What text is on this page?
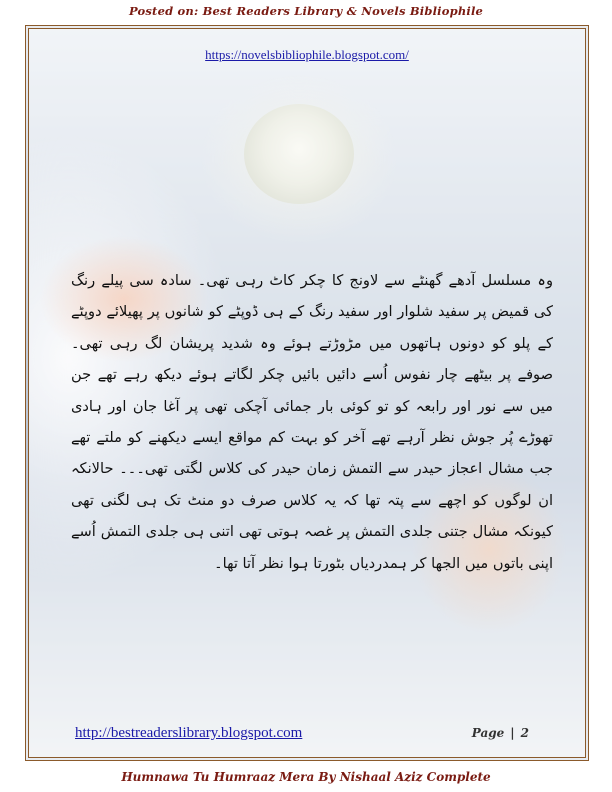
Posted on: Best Readers Library & Novels Bibliophile
https://novelsbibliophile.blogspot.com/
وہ مسلسل آدھے گھنٹے سے لاونج کا چکر کاٹ رہی تھی۔ سادہ سی پیلے رنگ کی قمیض پر سفید شلوار اور سفید رنگ کے ہی ڈوپٹے کو شانوں پر پھیلائے دوپٹے کے پلو کو دونوں ہاتھوں میں مڑوڑتے ہوئے وہ شدید پریشان لگ رہی تھی۔ صوفے پر بیٹھے چار نفوس اُسے دائیں بائیں چکر لگاتے ہوئے دیکھ رہے تھے جن میں سے نور اور رابعہ کو تو کوئی بار جمائی آچکی تھی پر آغا جان اور ہادی تھوڑے پُر جوش نظر آرہے تھے آخر کو بہت کم مواقع ایسے دیکھنے کو ملتے تھے جب مشال اعجاز حیدر سے التمش زمان حیدر کی کلاس لگتی تھی۔۔۔ حالانکہ ان لوگوں کو اچھے سے پتہ تھا کہ یہ کلاس صرف دو منٹ تک ہی لگنی تھی کیونکہ مشال جتنی جلدی التمش پر غصہ ہوتی تھی اتنی ہی جلدی التمش اُسے اپنی باتوں میں الجھا کر ہمدردیاں بٹورتا ہوا نظر آتا تھا۔
http://bestreaderslibrary.blogspot.com	Page | 2
Humnawa Tu Humraaz Mera By Nishaal Aziz Complete
